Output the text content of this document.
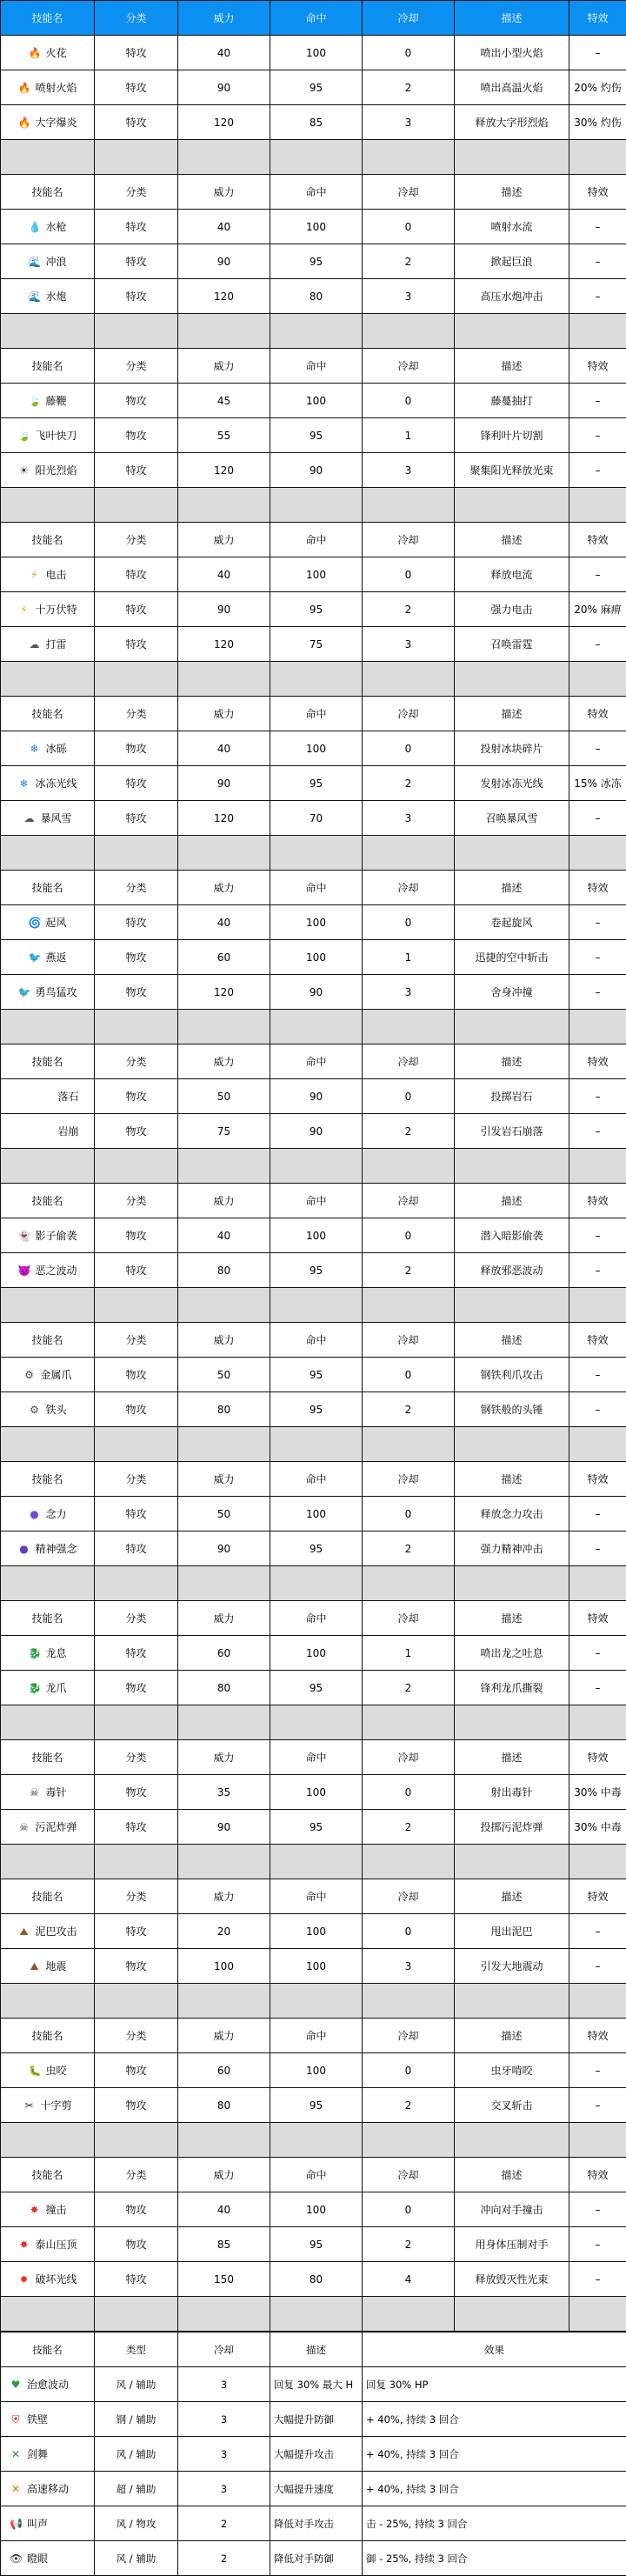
技能名	分类	威力	命中	冷却	描述	特效
🔥 火花	特攻	40	100	0	喷出小型火焰	–
🔥 喷射火焰	特攻	90	95	2	喷出高温火焰	20% 灼伤
🔥 大字爆炎	特攻	120	85	3	释放大字形烈焰	30% 灼伤

技能名	分类	威力	命中	冷却	描述	特效
💧 水枪	特攻	40	100	0	喷射水流	–
🌊 冲浪	特攻	90	95	2	掀起巨浪	–
🌊 水炮	特攻	120	80	3	高压水炮冲击	–

技能名	分类	威力	命中	冷却	描述	特效
🍃 藤鞭	物攻	45	100	0	藤蔓抽打	–
🍃 飞叶快刀	物攻	55	95	1	锋利叶片切割	–
☀ 阳光烈焰	特攻	120	90	3	聚集阳光释放光束	–

技能名	分类	威力	命中	冷却	描述	特效
⚡ 电击	特攻	40	100	0	释放电流	–
⚡ 十万伏特	特攻	90	95	2	强力电击	20% 麻痹
☁ 打雷	特攻	120	75	3	召唤雷霆	–

技能名	分类	威力	命中	冷却	描述	特效
❄ 冰砾	物攻	40	100	0	投射冰块碎片	–
❄ 冰冻光线	特攻	90	95	2	发射冰冻光线	15% 冰冻
☁ 暴风雪	特攻	120	70	3	召唤暴风雪	–

技能名	分类	威力	命中	冷却	描述	特效
🌀 起风	特攻	40	100	0	卷起旋风	–
🐦 燕返	物攻	60	100	1	迅捷的空中斩击	–
🐦 勇鸟猛攻	物攻	120	90	3	舍身冲撞	–

技能名	分类	威力	命中	冷却	描述	特效
落石	物攻	50	90	0	投掷岩石	–
岩崩	物攻	75	90	2	引发岩石崩落	–

技能名	分类	威力	命中	冷却	描述	特效
👻 影子偷袭	物攻	40	100	0	潜入暗影偷袭	–
👿 恶之波动	特攻	80	95	2	释放邪恶波动	–

技能名	分类	威力	命中	冷却	描述	特效
⚙ 金属爪	物攻	50	95	0	钢铁利爪攻击	–
⚙ 铁头	物攻	80	95	2	钢铁般的头锤	–

技能名	分类	威力	命中	冷却	描述	特效
● 念力	特攻	50	100	0	释放念力攻击	–
● 精神强念	特攻	90	95	2	强力精神冲击	–

技能名	分类	威力	命中	冷却	描述	特效
🐉 龙息	特攻	60	100	1	喷出龙之吐息	–
🐉 龙爪	物攻	80	95	2	锋利龙爪撕裂	–

技能名	分类	威力	命中	冷却	描述	特效
☠ 毒针	物攻	35	100	0	射出毒针	30% 中毒
☠ 污泥炸弹	特攻	90	95	2	投掷污泥炸弹	30% 中毒

技能名	分类	威力	命中	冷却	描述	特效
⛰ 泥巴攻击	特攻	20	100	0	甩出泥巴	–
⛰ 地震	物攻	100	100	3	引发大地震动	–

技能名	分类	威力	命中	冷却	描述	特效
🐛 虫咬	物攻	60	100	0	虫牙啃咬	–
✂ 十字剪	物攻	80	95	2	交叉斩击	–

技能名	分类	威力	命中	冷却	描述	特效
✸ 撞击	物攻	40	100	0	冲向对手撞击	–
✸ 泰山压顶	物攻	85	95	2	用身体压制对手	–
✸ 破坏光线	特攻	150	80	4	释放毁灭性光束	–

技能名	类型	冷却	描述	效果
♥ 治愈波动	风 / 辅助	3	回复 30% 最大 H	回复 30% HP
⛨ 铁壁	钢 / 辅助	3	大幅提升防御	+ 40%, 持续 3 回合
✕ 剑舞	风 / 辅助	3	大幅提升攻击	+ 40%, 持续 3 回合
✕ 高速移动	超 / 辅助	3	大幅提升速度	+ 40%, 持续 3 回合
📢 叫声	风 / 物攻	2	降低对手攻击	击 - 25%, 持续 3 回合
👁 瞪眼	风 / 辅助	2	降低对手防御	御 - 25%, 持续 3 回合
